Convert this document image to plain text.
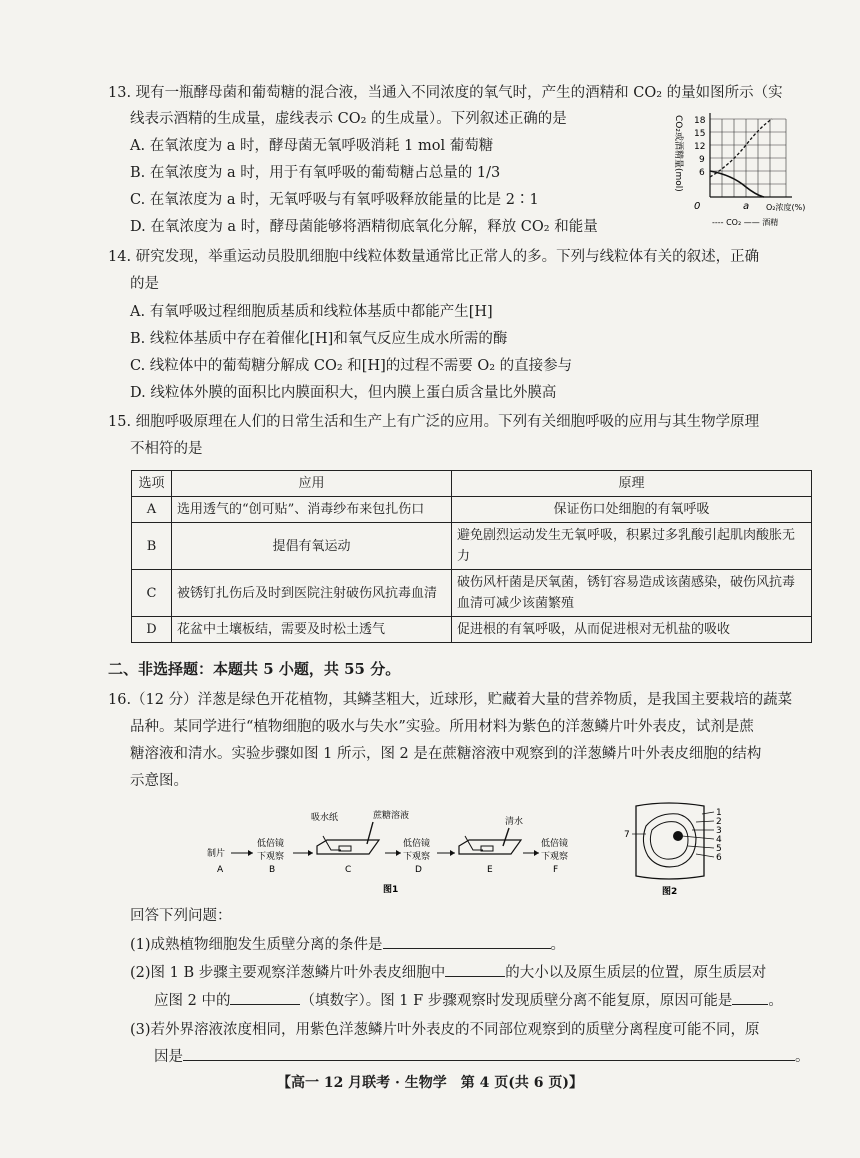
13. 现有一瓶酵母菌和葡萄糖的混合液，当通入不同浓度的氧气时，产生的酒精和 CO₂ 的量如图所示（实
线表示酒精的生成量，虚线表示 CO₂ 的生成量）。下列叙述正确的是
A. 在氧浓度为 a 时，酵母菌无氧呼吸消耗 1 mol 葡萄糖
B. 在氧浓度为 a 时，用于有氧呼吸的葡萄糖占总量的 1/3
C. 在氧浓度为 a 时，无氧呼吸与有氧呼吸释放能量的比是 2∶1
D. 在氧浓度为 a 时，酵母菌能够将酒精彻底氧化分解，释放 CO₂ 和能量
CO₂或酒精量(mol) 18
15
12
9
6
0	a O₂浓度(%)
---- CO₂ —— 酒精
14. 研究发现，举重运动员股肌细胞中线粒体数量通常比正常人的多。下列与线粒体有关的叙述，正确
的是
A. 有氧呼吸过程细胞质基质和线粒体基质中都能产生[H]
B. 线粒体基质中存在着催化[H]和氧气反应生成水所需的酶
C. 线粒体中的葡萄糖分解成 CO₂ 和[H]的过程不需要 O₂ 的直接参与
D. 线粒体外膜的面积比内膜面积大，但内膜上蛋白质含量比外膜高
15. 细胞呼吸原理在人们的日常生活和生产上有广泛的应用。下列有关细胞呼吸的应用与其生物学原理
不相符的是
选项	应用	原理
A	选用透气的“创可贴”、消毒纱布来包扎伤口	保证伤口处细胞的有氧呼吸
B	提倡有氧运动	避免剧烈运动发生无氧呼吸，积累过多乳酸引起肌肉酸胀无力
C	被锈钉扎伤后及时到医院注射破伤风抗毒血清	破伤风杆菌是厌氧菌，锈钉容易造成该菌感染，破伤风抗毒血清可减少该菌繁殖
D	花盆中土壤板结，需要及时松土透气	促进根的有氧呼吸，从而促进根对无机盐的吸收
二、非选择题：本题共 5 小题，共 55 分。
16.（12 分）洋葱是绿色开花植物，其鳞茎粗大，近球形，贮藏着大量的营养物质，是我国主要栽培的蔬菜
品种。某同学进行“植物细胞的吸水与失水”实验。所用材料为紫色的洋葱鳞片叶外表皮，试剂是蔗
糖溶液和清水。实验步骤如图 1 所示，图 2 是在蔗糖溶液中观察到的洋葱鳞片叶外表皮细胞的结构
示意图。
制片
A
低倍镜
下观察
B
吸水纸	蔗糖溶液
C
低倍镜
下观察
D
清水
E
低倍镜
下观察
F
图1
1
2
3
4
5
6
7
图2
回答下列问题：
(1)成熟植物细胞发生质壁分离的条件是	。
(2)图 1 B 步骤主要观察洋葱鳞片叶外表皮细胞中	的大小以及原生质层的位置，原生质层对
应图 2 中的	（填数字）。图 1 F 步骤观察时发现质壁分离不能复原，原因可能是 。
(3)若外界溶液浓度相同，用紫色洋葱鳞片叶外表皮的不同部位观察到的质壁分离程度可能不同，原
因是	。
【高一 12 月联考 · 生物学　第 4 页(共 6 页)】
